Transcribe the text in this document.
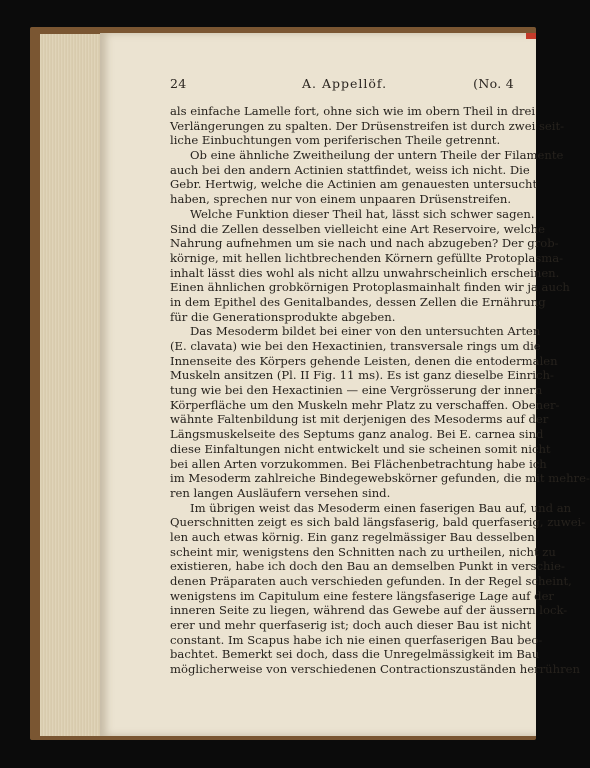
24	A. Appellöf.	(No. 4
als einfache Lamelle fort, ohne sich wie im obern Theil in drei
Verlängerungen zu spalten. Der Drüsenstreifen ist durch zwei seit-
liche Einbuchtungen vom periferischen Theile getrennt.
Ob eine ähnliche Zweitheilung der untern Theile der Filamente
auch bei den andern Actinien stattfindet, weiss ich nicht. Die
Gebr. Hertwig, welche die Actinien am genauesten untersucht
haben, sprechen nur von einem unpaaren Drüsenstreifen.
Welche Funktion dieser Theil hat, lässt sich schwer sagen.
Sind die Zellen desselben vielleicht eine Art Reservoire, welche
Nahrung aufnehmen um sie nach und nach abzugeben? Der grob-
körnige, mit hellen lichtbrechenden Körnern gefüllte Protoplasma-
inhalt lässt dies wohl als nicht allzu unwahrscheinlich erscheinen.
Einen ähnlichen grobkörnigen Protoplasmainhalt finden wir ja auch
in dem Epithel des Genitalbandes, dessen Zellen die Ernährung
für die Generationsprodukte abgeben.
Das Mesoderm bildet bei einer von den untersuchten Arten
(E. clavata) wie bei den Hexactinien, transversale rings um die
Innenseite des Körpers gehende Leisten, denen die entodermalen
Muskeln ansitzen (Pl. II Fig. 11 ms). Es ist ganz dieselbe Einrich-
tung wie bei den Hexactinien — eine Vergrösserung der innern
Körperfläche um den Muskeln mehr Platz zu verschaffen. Obener-
wähnte Faltenbildung ist mit derjenigen des Mesoderms auf der
Längsmuskelseite des Septums ganz analog. Bei E. carnea sind
diese Einfaltungen nicht entwickelt und sie scheinen somit nicht
bei allen Arten vorzukommen. Bei Flächenbetrachtung habe ich
im Mesoderm zahlreiche Bindegewebskörner gefunden, die mit mehre-
ren langen Ausläufern versehen sind.
Im übrigen weist das Mesoderm einen faserigen Bau auf, und an
Querschnitten zeigt es sich bald längsfaserig, bald querfaserig, zuwei-
len auch etwas körnig. Ein ganz regelmässiger Bau desselben
scheint mir, wenigstens den Schnitten nach zu urtheilen, nicht zu
existieren, habe ich doch den Bau an demselben Punkt in verschie-
denen Präparaten auch verschieden gefunden. In der Regel scheint,
wenigstens im Capitulum eine festere längsfaserige Lage auf der
inneren Seite zu liegen, während das Gewebe auf der äussern lock-
erer und mehr querfaserig ist; doch auch dieser Bau ist nicht
constant. Im Scapus habe ich nie einen querfaserigen Bau beo-
bachtet. Bemerkt sei doch, dass die Unregelmässigkeit im Bau
möglicherweise von verschiedenen Contractionszuständen herrühren
